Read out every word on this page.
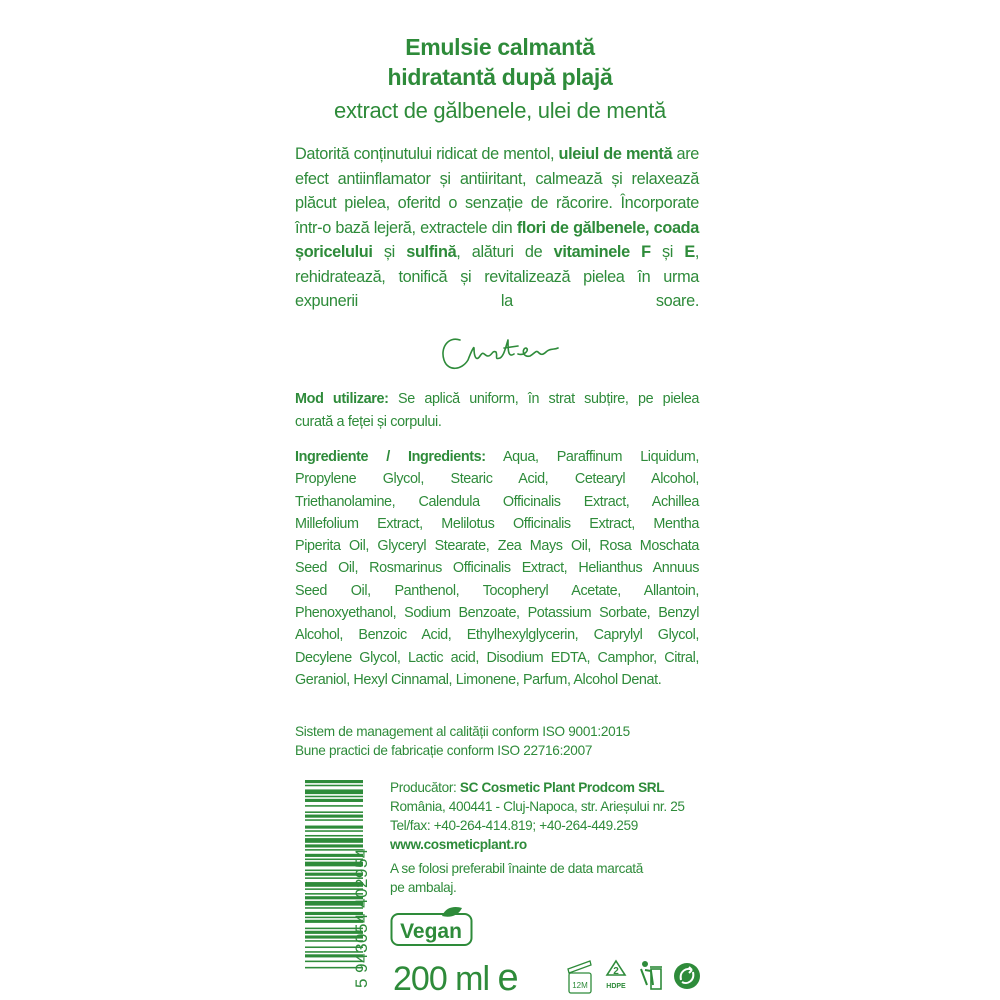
Emulsie calmantă
hidratantă după plajă
extract de gălbenele, ulei de mentă
Datorită conținutului ridicat de mentol, uleiul de mentă are efect antiinflamator și antiiritant, calmează și relaxează plăcut pielea, oferitd o senzație de răcorire. Încorporate într-o bază lejeră, extractele din flori de gălbenele, coada șoricelului și sulfină, alături de vitaminele F și E, rehidratează, tonifică și revitalizează pielea în urma expunerii la soare.
Mod utilizare: Se aplică uniform, în strat subțire, pe pielea
curată a feței și corpului.

Ingrediente / Ingredients: Aqua, Paraffinum Liquidum,

Propylene Glycol, Stearic Acid, Cetearyl Alcohol,

Triethanolamine, Calendula Officinalis Extract, Achillea

Millefolium Extract, Melilotus Officinalis Extract, Mentha

Piperita Oil, Glyceryl Stearate, Zea Mays Oil, Rosa Moschata

Seed Oil, Rosmarinus Officinalis Extract, Helianthus Annuus

Seed Oil, Panthenol, Tocopheryl Acetate, Allantoin,

Phenoxyethanol, Sodium Benzoate, Potassium Sorbate, Benzyl

Alcohol, Benzoic Acid, Ethylhexylglycerin, Caprylyl Glycol,

Decylene Glycol, Lactic acid, Disodium EDTA, Camphor, Citral,

Geraniol, Hexyl Cinnamal, Limonene, Parfum, Alcohol Denat.

Sistem de management al calității conform ISO 9001:2015
Bune practici de fabricație conform ISO 22716:2007
5 943054 402954
Producător: SC Cosmetic Plant Prodcom SRL
România, 400441 - Cluj-Napoca, str. Arieșului nr. 25
Tel/fax: +40-264-414.819; +40-264-449.259
www.cosmeticplant.ro
A se folosi preferabil înainte de data marcată
pe ambalaj.
Vegan
200 ml e	12M
2
HDPE
